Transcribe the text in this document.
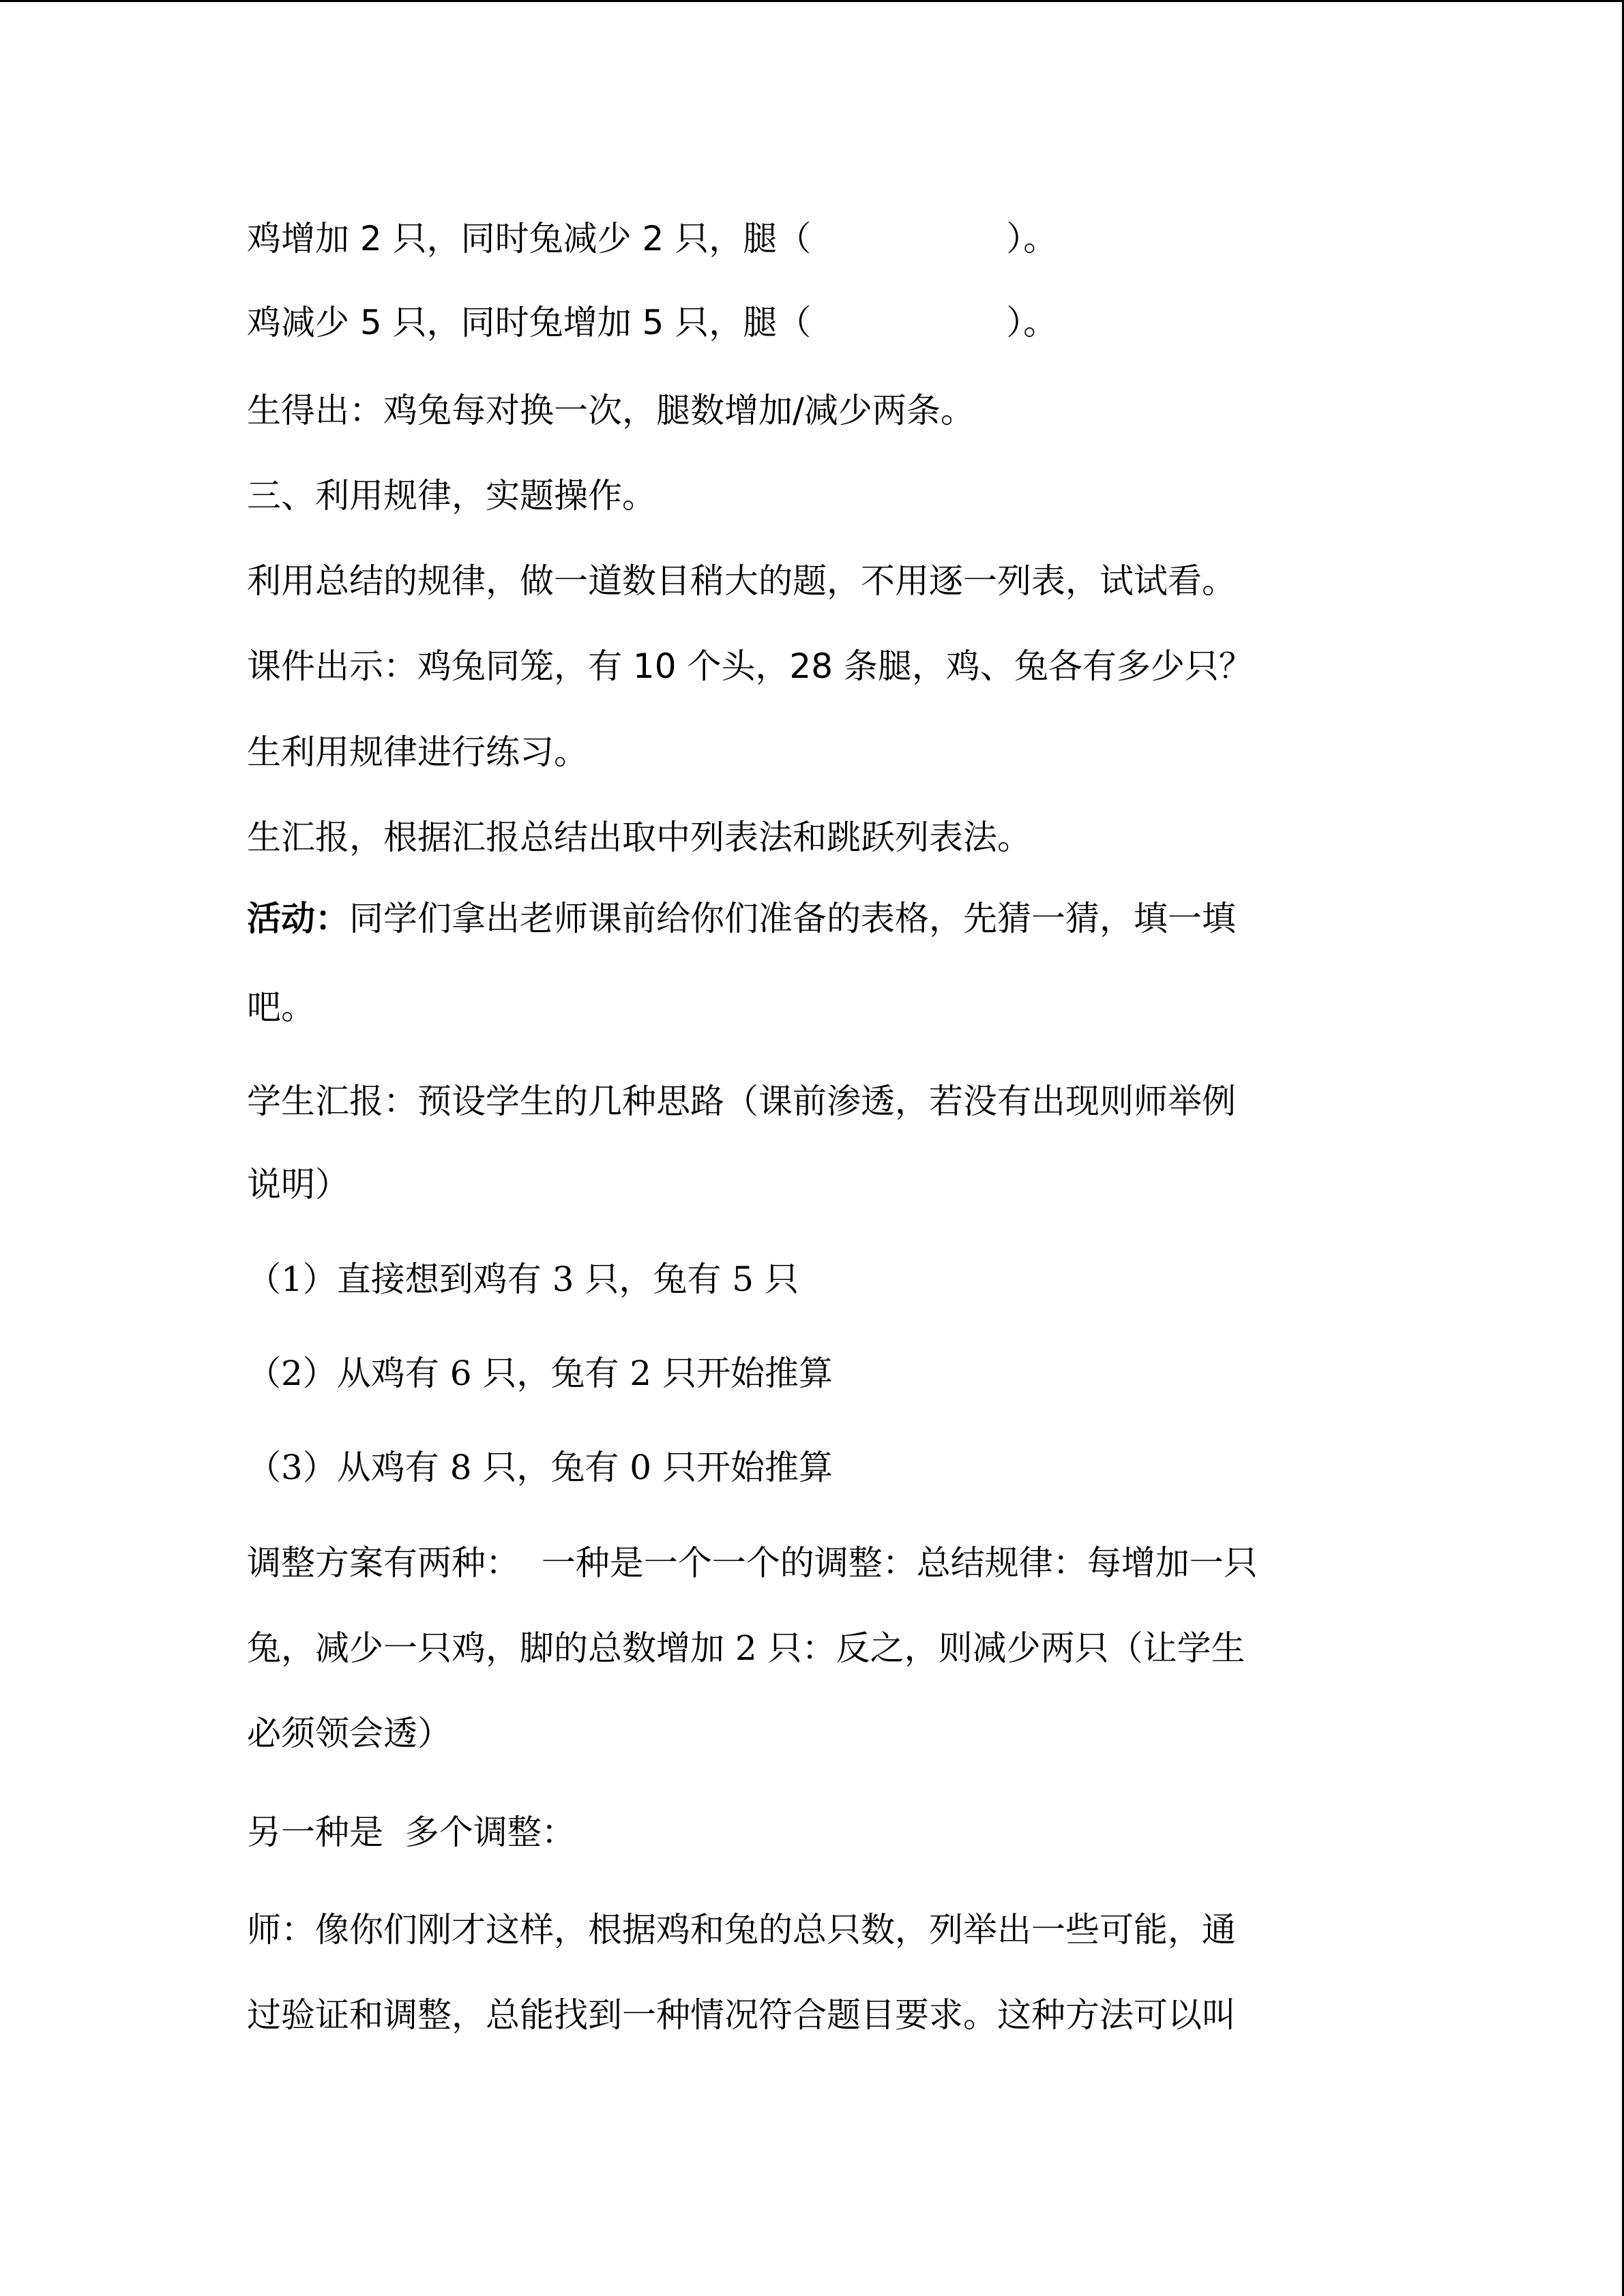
鸡增加 2 只，同时兔减少 2 只，腿（                  ）。
鸡减少 5 只，同时兔增加 5 只，腿（                  ）。
生得出：鸡兔每对换一次，腿数增加/减少两条。
三、利用规律，实题操作。
利用总结的规律，做一道数目稍大的题，不用逐一列表，试试看。
课件出示：鸡兔同笼，有 10 个头，28 条腿，鸡、兔各有多少只？
生利用规律进行练习。
生汇报，根据汇报总结出取中列表法和跳跃列表法。
活动：同学们拿出老师课前给你们准备的表格，先猜一猜，填一填
吧。
学生汇报：预设学生的几种思路（课前渗透，若没有出现则师举例
说明）
（1）直接想到鸡有 3 只，兔有 5 只
（2）从鸡有 6 只，兔有 2 只开始推算
（3）从鸡有 8 只，兔有 0 只开始推算
调整方案有两种：  一种是一个一个的调整：总结规律：每增加一只
兔，减少一只鸡，脚的总数增加 2 只：反之，则减少两只（让学生
必须领会透）
另一种是  多个调整：
师：像你们刚才这样，根据鸡和兔的总只数，列举出一些可能，通
过验证和调整，总能找到一种情况符合题目要求。这种方法可以叫
